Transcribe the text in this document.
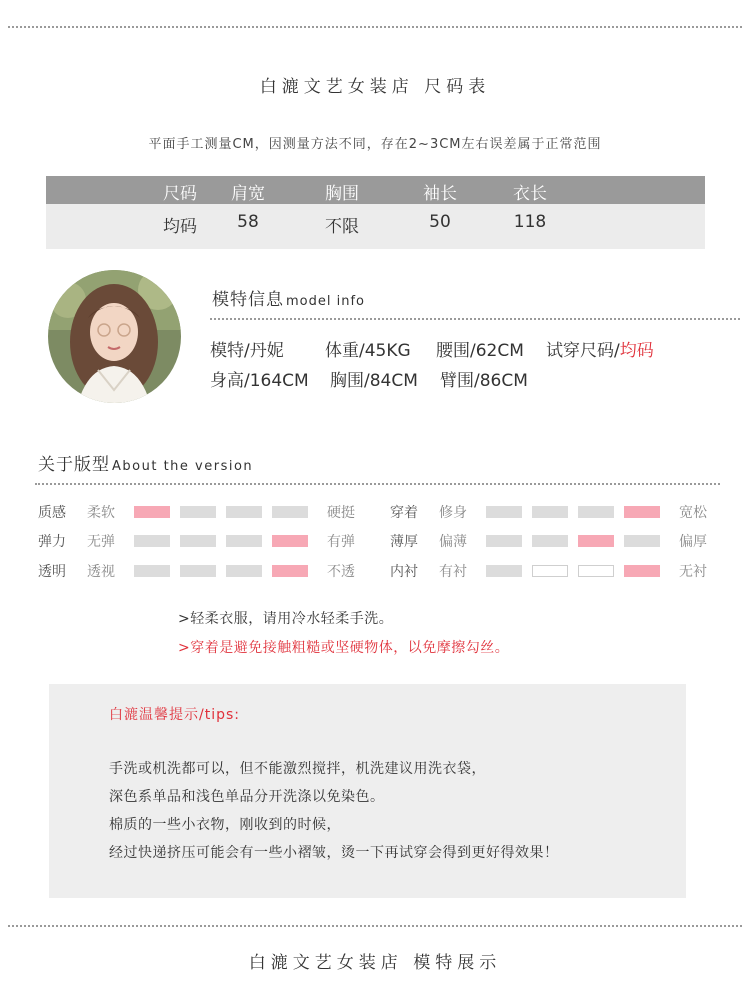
白漉文艺女装店 尺码表
平面手工测量CM，因测量方法不同，存在2~3CM左右误差属于正常范围
尺码	肩宽	胸围	袖长	衣长
均码	58	不限	50	118
模特信息 model info
模特/丹妮 体重/45KG 腰围/62CM 试穿尺码/均码
身高/164CM 胸围/84CM 臂围/86CM
关于版型 About the version
质感 柔软	硬挺
弹力 无弹	有弹
透明 透视	不透
穿着 修身	宽松
薄厚 偏薄	偏厚
内衬 有衬	无衬
>轻柔衣服，请用冷水轻柔手洗。
>穿着是避免接触粗糙或坚硬物体，以免摩擦勾丝。
白漉温馨提示/tips:
手洗或机洗都可以，但不能激烈搅拌，机洗建议用洗衣袋，
深色系单品和浅色单品分开洗涤以免染色。
棉质的一些小衣物，刚收到的时候，
经过快递挤压可能会有一些小褶皱，烫一下再试穿会得到更好得效果！
白漉文艺女装店 模特展示
